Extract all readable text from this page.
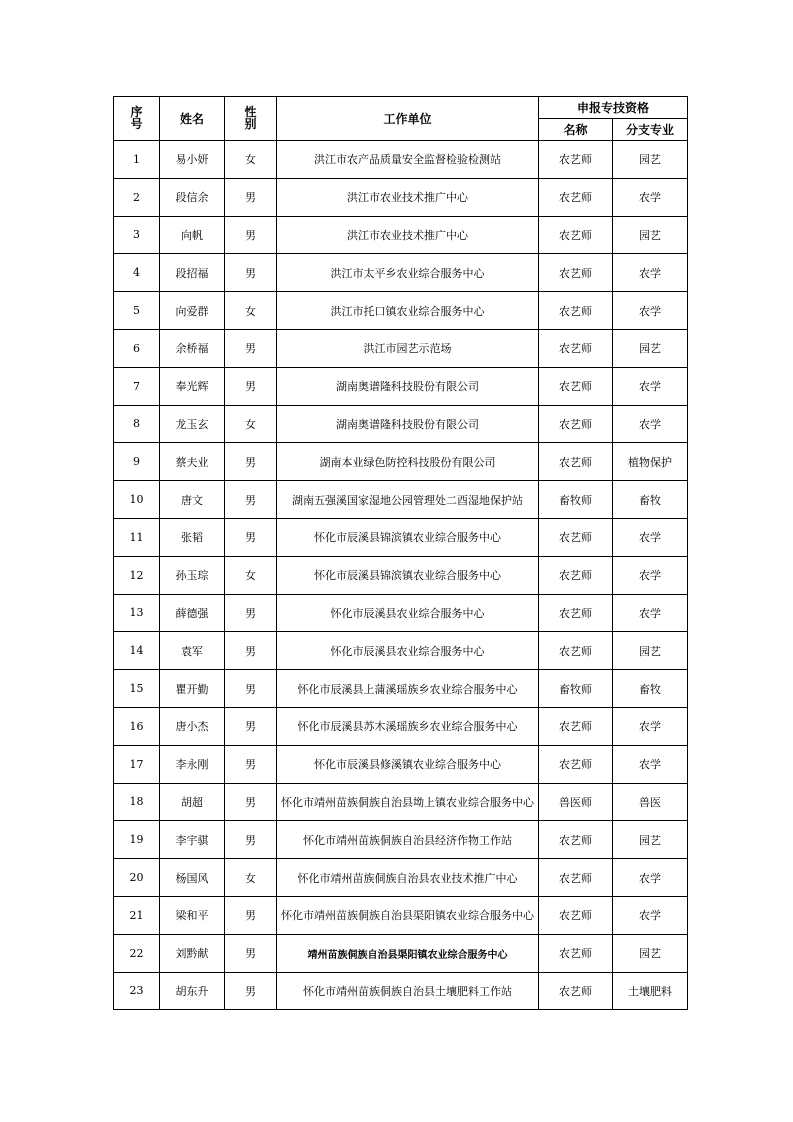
序号	姓名	性别	工作单位	申报专技资格	
				名称	分支专业
1	易小妍	女	洪江市农产品质量安全监督检验检测站	农艺师	园艺
2	段信余	男	洪江市农业技术推广中心	农艺师	农学
3	向帆	男	洪江市农业技术推广中心	农艺师	园艺
4	段招福	男	洪江市太平乡农业综合服务中心	农艺师	农学
5	向爱群	女	洪江市托口镇农业综合服务中心	农艺师	农学
6	余桥福	男	洪江市园艺示范场	农艺师	园艺
7	奉光辉	男	湖南奥谱隆科技股份有限公司	农艺师	农学
8	龙玉玄	女	湖南奥谱隆科技股份有限公司	农艺师	农学
9	蔡夫业	男	湖南本业绿色防控科技股份有限公司	农艺师	植物保护
10	唐文	男	湖南五强溪国家湿地公园管理处二酉湿地保护站	畜牧师	畜牧
11	张韬	男	怀化市辰溪县锦滨镇农业综合服务中心	农艺师	农学
12	孙玉琮	女	怀化市辰溪县锦滨镇农业综合服务中心	农艺师	农学
13	薛德强	男	怀化市辰溪县农业综合服务中心	农艺师	农学
14	袁军	男	怀化市辰溪县农业综合服务中心	农艺师	园艺
15	瞿开勤	男	怀化市辰溪县上蒲溪瑶族乡农业综合服务中心	畜牧师	畜牧
16	唐小杰	男	怀化市辰溪县苏木溪瑶族乡农业综合服务中心	农艺师	农学
17	李永刚	男	怀化市辰溪县修溪镇农业综合服务中心	农艺师	农学
18	胡超	男	怀化市靖州苗族侗族自治县坳上镇农业综合服务中心	兽医师	兽医
19	李宇骐	男	怀化市靖州苗族侗族自治县经济作物工作站	农艺师	园艺
20	杨国风	女	怀化市靖州苗族侗族自治县农业技术推广中心	农艺师	农学
21	梁和平	男	怀化市靖州苗族侗族自治县渠阳镇农业综合服务中心	农艺师	农学
22	刘黔献	男	靖州苗族侗族自治县渠阳镇农业综合服务中心	农艺师	园艺
23	胡东升	男	怀化市靖州苗族侗族自治县土壤肥料工作站	农艺师	土壤肥料
